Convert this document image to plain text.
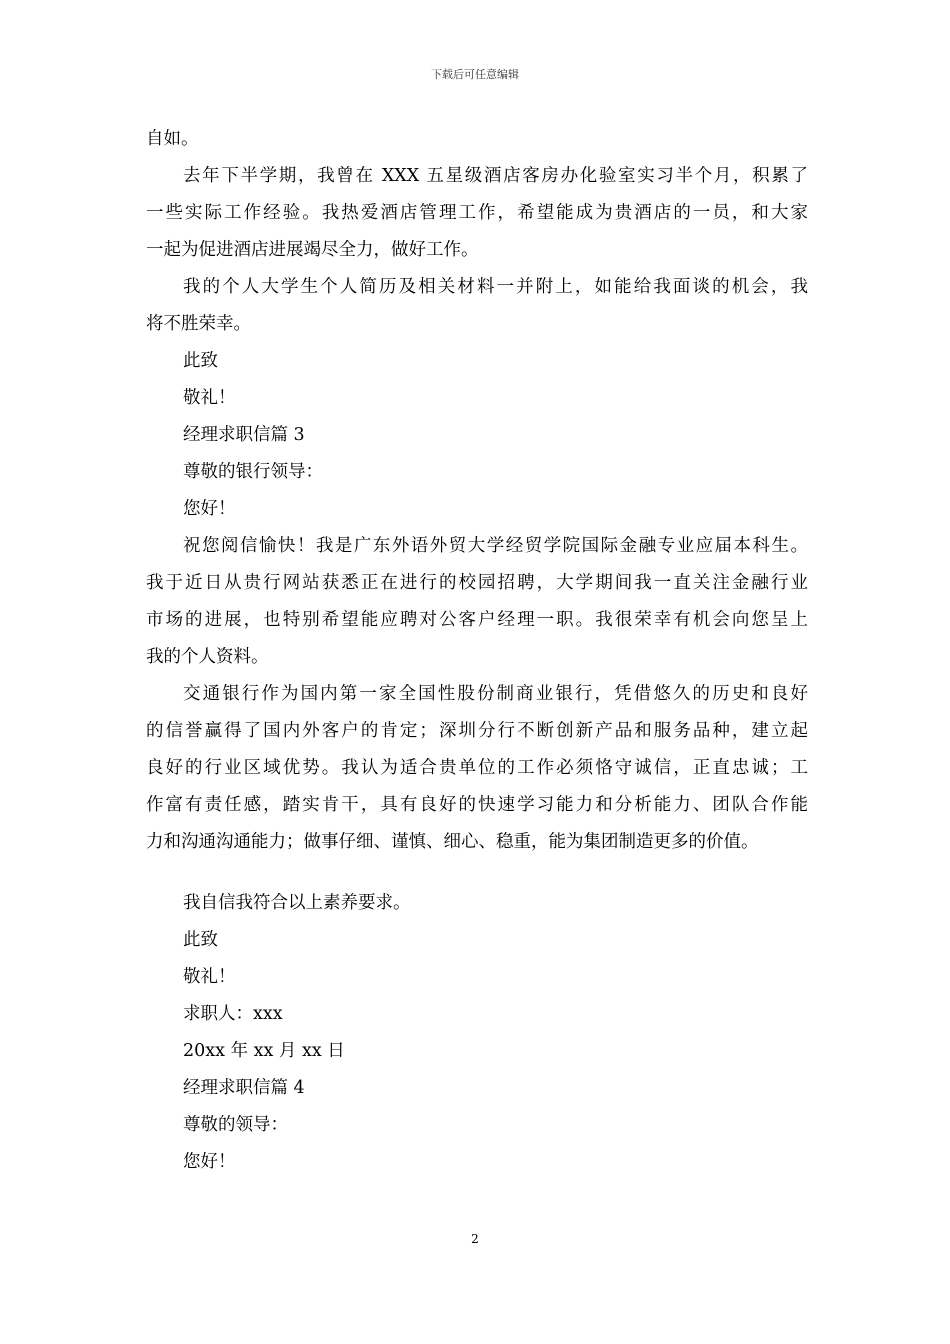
下载后可任意编辑
自如。
去年下半学期，我曾在 XXX 五星级酒店客房办化验室实习半个月，积累了
一些实际工作经验。我热爱酒店管理工作，希望能成为贵酒店的一员，和大家
一起为促进酒店进展竭尽全力，做好工作。
我的个人大学生个人简历及相关材料一并附上，如能给我面谈的机会，我
将不胜荣幸。
此致
敬礼！
经理求职信篇 3
尊敬的银行领导：
您好！
祝您阅信愉快！我是广东外语外贸大学经贸学院国际金融专业应届本科生。
我于近日从贵行网站获悉正在进行的校园招聘，大学期间我一直关注金融行业
市场的进展，也特别希望能应聘对公客户经理一职。我很荣幸有机会向您呈上
我的个人资料。
交通银行作为国内第一家全国性股份制商业银行，凭借悠久的历史和良好
的信誉赢得了国内外客户的肯定；深圳分行不断创新产品和服务品种，建立起
良好的行业区域优势。我认为适合贵单位的工作必须恪守诚信，正直忠诚；工
作富有责任感，踏实肯干，具有良好的快速学习能力和分析能力、团队合作能
力和沟通沟通能力；做事仔细、谨慎、细心、稳重，能为集团制造更多的价值。
我自信我符合以上素养要求。
此致
敬礼！
求职人：xxx
20xx 年 xx 月 xx 日
经理求职信篇 4
尊敬的领导：
您好！
2
